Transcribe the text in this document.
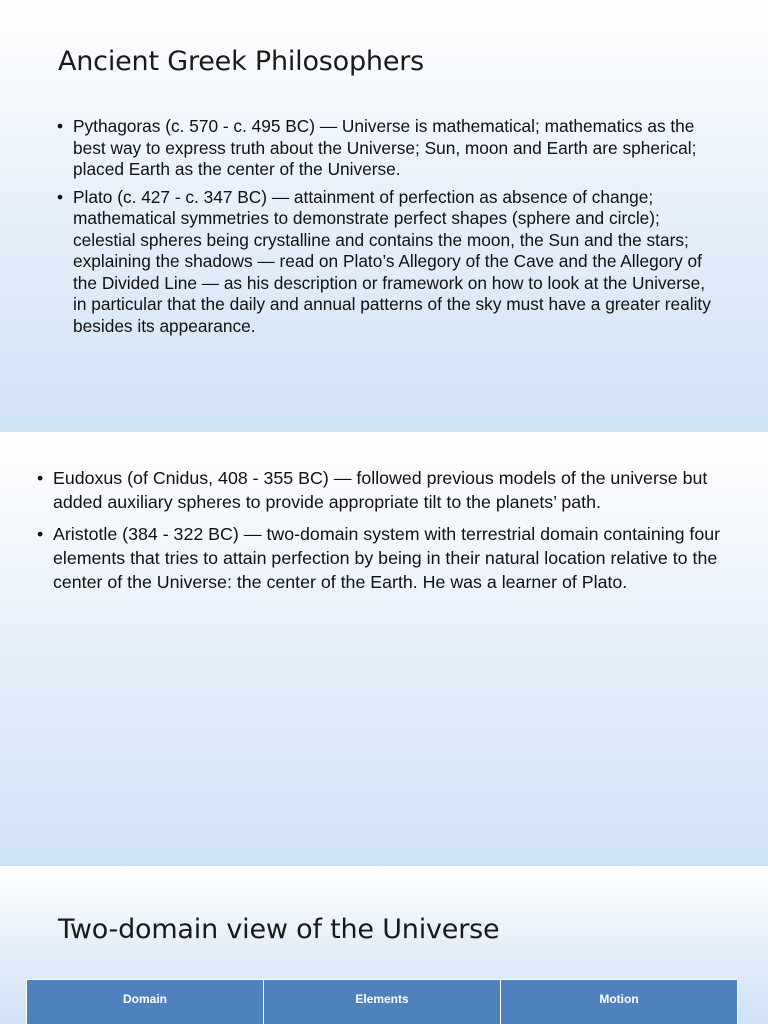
Ancient Greek Philosophers
• Pythagoras (c. 570 - c. 495 BC) — Universe is mathematical; mathematics as the best way to express truth about the Universe; Sun, moon and Earth are spherical; placed Earth as the center of the Universe.
• Plato (c. 427 - c. 347 BC) — attainment of perfection as absence of change; mathematical symmetries to demonstrate perfect shapes (sphere and circle); celestial spheres being crystalline and contains the moon, the Sun and the stars; explaining the shadows — read on Plato’s Allegory of the Cave and the Allegory of the Divided Line — as his description or framework on how to look at the Universe, in particular that the daily and annual patterns of the sky must have a greater reality besides its appearance.
• Eudoxus (of Cnidus, 408 - 355 BC) — followed previous models of the universe but added auxiliary spheres to provide appropriate tilt to the planets’ path.
• Aristotle (384 - 322 BC) — two-domain system with terrestrial domain containing four elements that tries to attain perfection by being in their natural location relative to the center of the Universe: the center of the Earth. He was a learner of Plato.
Two-domain view of the Universe
Domain	Elements	Motion
